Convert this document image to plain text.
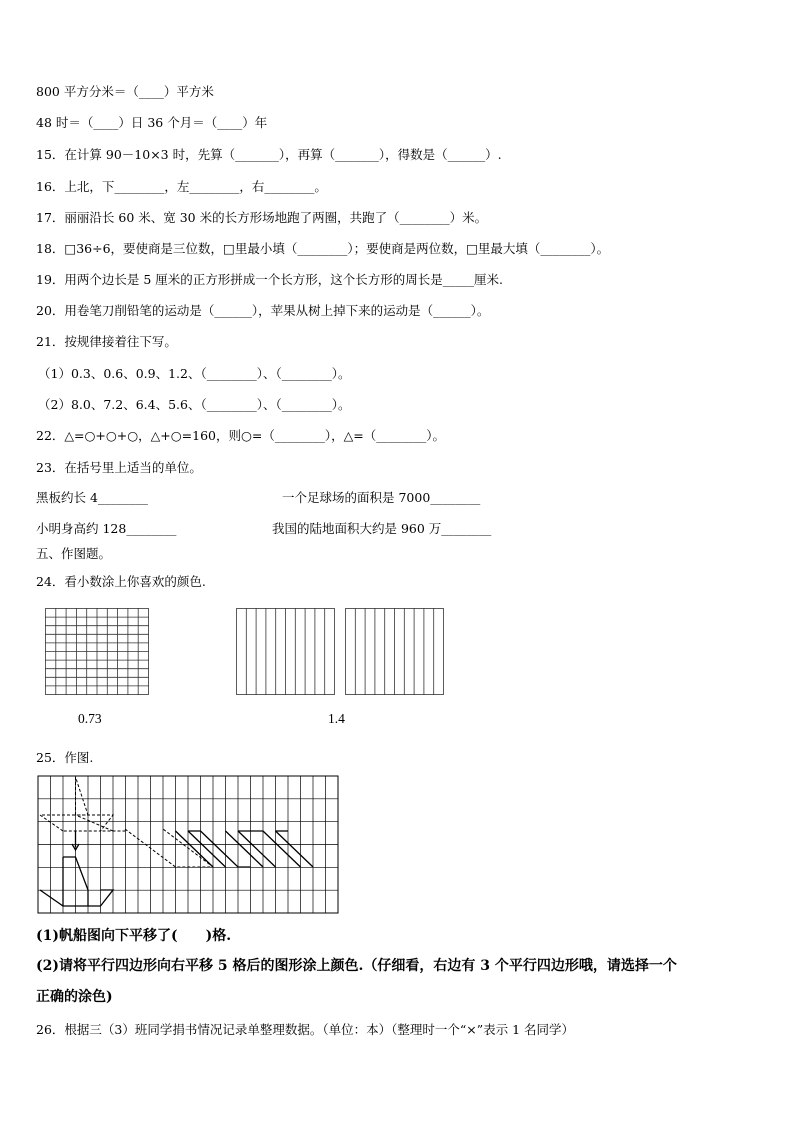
800 平方分米＝（____）平方米
48 时＝（____）日 36 个月＝（____）年
15．在计算 90－10×3 时，先算（_______），再算（_______），得数是（______）.
16．上北，下________，左________，右________。
17．丽丽沿长 60 米、宽 30 米的长方形场地跑了两圈，共跑了（________）米。
18．□36÷6，要使商是三位数，□里最小填（________）；要使商是两位数，□里最大填（________）。
19．用两个边长是 5 厘米的正方形拼成一个长方形，这个长方形的周长是_____厘米.
20．用卷笔刀削铅笔的运动是（______），苹果从树上掉下来的运动是（______）。
21．按规律接着往下写。
（1）0.3、0.6、0.9、1.2、（________）、（________）。
（2）8.0、7.2、6.4、5.6、（________）、（________）。
22．△=○+○+○，△+○=160，则○=（________），△=（________）。
23．在括号里上适当的单位。
黑板约长 4________	一个足球场的面积是 7000________
小明身高约 128________	我国的陆地面积大约是 960 万________
五、作图题。
24．看小数涂上你喜欢的颜色.
0.73	1.4
25．作图.
(1)帆船图向下平移了(　　)格.
(2)请将平行四边形向右平移 5 格后的图形涂上颜色.（仔细看，右边有 3 个平行四边形哦，请选择一个
正确的涂色)
26．根据三（3）班同学捐书情况记录单整理数据。（单位：本）（整理时一个“×”表示 1 名同学）
